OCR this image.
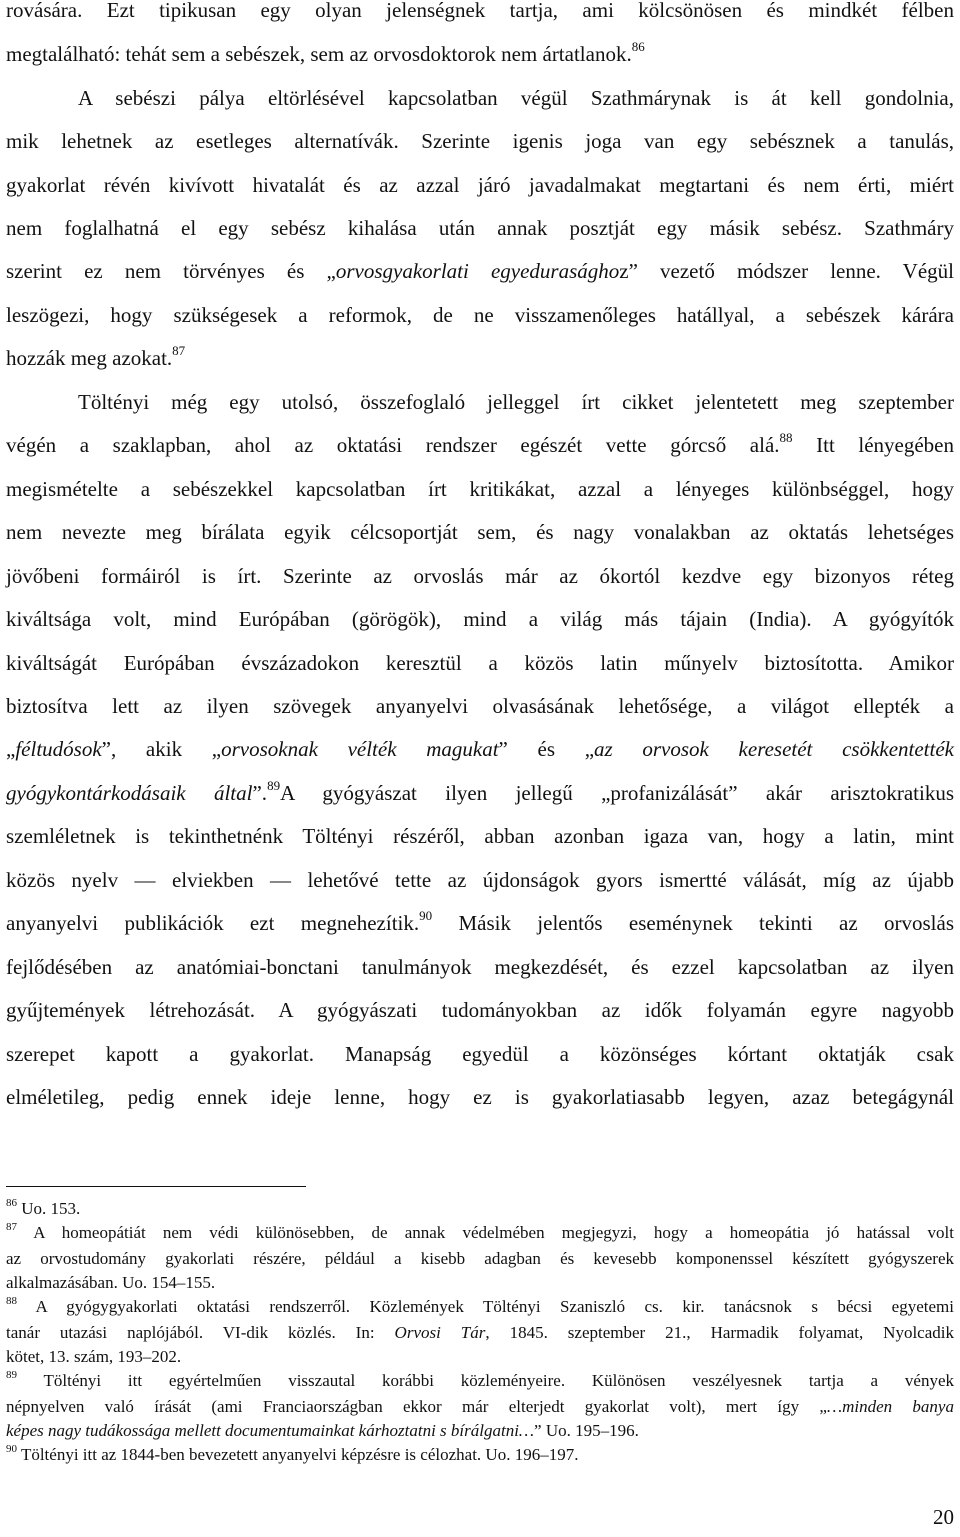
rovására. Ezt tipikusan egy olyan jelenségnek tartja, ami kölcsönösen és mindkét félben
megtalálható: tehát sem a sebészek, sem az orvosdoktorok nem ártatlanok.$^{86}$
A sebészi pálya eltörlésével kapcsolatban végül Szathmárynak is át kell gondolnia,
mik lehetnek az esetleges alternatívák. Szerinte igenis joga van egy sebésznek a tanulás,
gyakorlat révén kivívott hivatalát és az azzal járó javadalmakat megtartani és nem érti, miért
nem foglalhatná el egy sebész kihalása után annak posztját egy másik sebész. Szathmáry
szerint ez nem törvényes és „orvosgyakorlati egyedurasághoz” vezető módszer lenne. Végül
leszögezi, hogy szükségesek a reformok, de ne visszamenőleges hatállyal, a sebészek kárára
hozzák meg azokat.$^{87}$
Töltényi még egy utolsó, összefoglaló jelleggel írt cikket jelentetett meg szeptember
végén a szaklapban, ahol az oktatási rendszer egészét vette górcső alá.$^{88}$ Itt lényegében
megismételte a sebészekkel kapcsolatban írt kritikákat, azzal a lényeges különbséggel, hogy
nem nevezte meg bírálata egyik célcsoportját sem, és nagy vonalakban az oktatás lehetséges
jövőbeni formáiról is írt. Szerinte az orvoslás már az ókortól kezdve egy bizonyos réteg
kiváltsága volt, mind Európában (görögök), mind a világ más tájain (India). A gyógyítók
kiváltságát Európában évszázadokon keresztül a közös latin műnyelv biztosította. Amikor
biztosítva lett az ilyen szövegek anyanyelvi olvasásának lehetősége, a világot ellepték a
„féltudósok”, akik „orvosoknak vélték magukat” és „az orvosok keresetét csökkentették
gyógykontárkodásaik által”.$^{89}$A gyógyászat ilyen jellegű „profanizálását” akár arisztokratikus
szemléletnek is tekinthetnénk Töltényi részéről, abban azonban igaza van, hogy a latin, mint
közös nyelv ― elviekben ― lehetővé tette az újdonságok gyors ismertté válását, míg az újabb
anyanyelvi publikációk ezt megnehezítik.$^{90}$ Másik jelentős eseménynek tekinti az orvoslás
fejlődésében az anatómiai-bonctani tanulmányok megkezdését, és ezzel kapcsolatban az ilyen
gyűjtemények létrehozását. A gyógyászati tudományokban az idők folyamán egyre nagyobb
szerepet kapott a gyakorlat. Manapság egyedül a közönséges kórtant oktatják csak
elméletileg, pedig ennek ideje lenne, hogy ez is gyakorlatiasabb legyen, azaz betegágynál
$^{86}$ Uo. 153.
$^{87}$ A homeopátiát nem védi különösebben, de annak védelmében megjegyzi, hogy a homeopátia jó hatással volt
az orvostudomány gyakorlati részére, például a kisebb adagban és kevesebb komponenssel készített gyógyszerek
alkalmazásában. Uo. 154–155.
$^{88}$ A gyógygyakorlati oktatási rendszerről. Közlemények Töltényi Szaniszló cs. kir. tanácsnok s bécsi egyetemi
tanár utazási naplójából. VI-dik közlés. In: Orvosi Tár, 1845. szeptember 21., Harmadik folyamat, Nyolcadik
kötet, 13. szám, 193–202.
$^{89}$ Töltényi itt egyértelműen visszautal korábbi közleményeire. Különösen veszélyesnek tartja a vények
népnyelven való írását (ami Franciaországban ekkor már elterjedt gyakorlat volt), mert így „…minden banya
képes nagy tudákossága mellett documentumainkat kárhoztatni s bírálgatni…” Uo. 195–196.
$^{90}$ Töltényi itt az 1844-ben bevezetett anyanyelvi képzésre is célozhat. Uo. 196–197.
20
